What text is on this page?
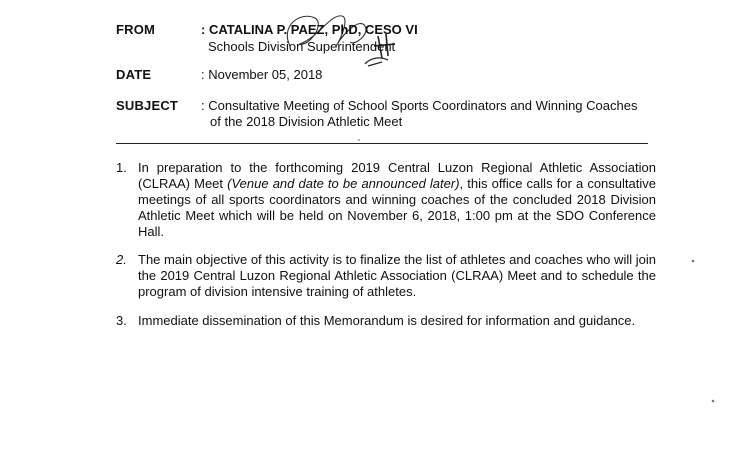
FROM	: CATALINA P. PAEZ, PhD, CESO VI
Schools Division Superintendent
DATE	: November 05, 2018
SUBJECT : Consultative Meeting of School Sports Coordinators and Winning Coaches
of the 2018 Division Athletic Meet
1. In preparation to the forthcoming 2019 Central Luzon Regional Athletic Association (CLRAA) Meet (Venue and date to be announced later), this office calls for a consultative meetings of all sports coordinators and winning coaches of the concluded 2018 Division Athletic Meet which will be held on November 6, 2018, 1:00 pm at the SDO Conference Hall.
2. The main objective of this activity is to finalize the list of athletes and coaches who will join the 2019 Central Luzon Regional Athletic Association (CLRAA) Meet and to schedule the program of division intensive training of athletes.
3. Immediate dissemination of this Memorandum is desired for information and guidance.
